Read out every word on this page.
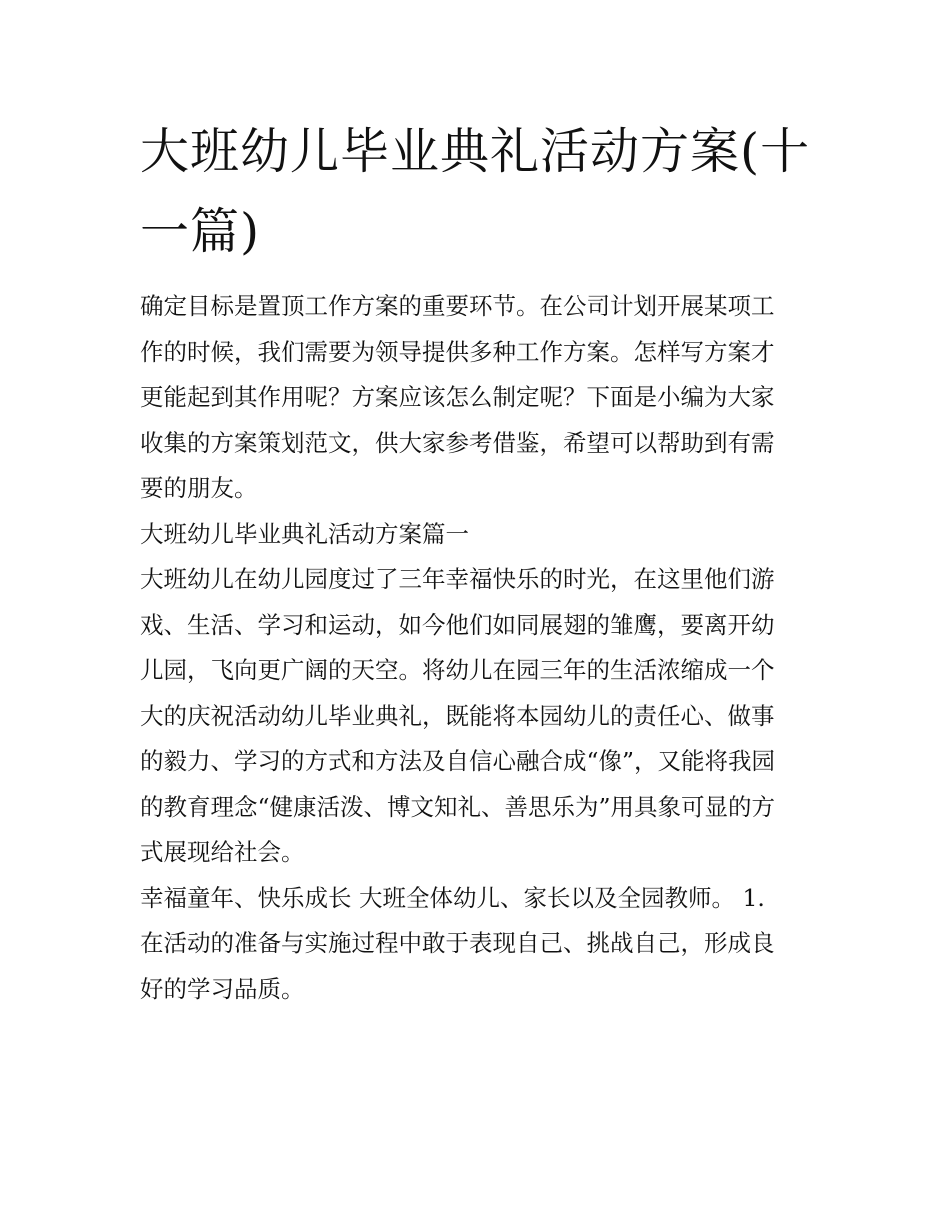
大班幼儿毕业典礼活动方案(十
一篇)

确定目标是置顶工作方案的重要环节。在公司计划开展某项工
作的时候，我们需要为领导提供多种工作方案。怎样写方案才
更能起到其作用呢？方案应该怎么制定呢？下面是小编为大家
收集的方案策划范文，供大家参考借鉴，希望可以帮助到有需
要的朋友。

大班幼儿毕业典礼活动方案篇一

大班幼儿在幼儿园度过了三年幸福快乐的时光，在这里他们游
戏、生活、学习和运动，如今他们如同展翅的雏鹰，要离开幼
儿园，飞向更广阔的天空。将幼儿在园三年的生活浓缩成一个
大的庆祝活动幼儿毕业典礼，既能将本园幼儿的责任心、做事
的毅力、学习的方式和方法及自信心融合成“像”，又能将我园
的教育理念“健康活泼、博文知礼、善思乐为”用具象可显的方
式展现给社会。

幸福童年、快乐成长 大班全体幼儿、家长以及全园教师。 1.
在活动的准备与实施过程中敢于表现自己、挑战自己，形成良
好的学习品质。
